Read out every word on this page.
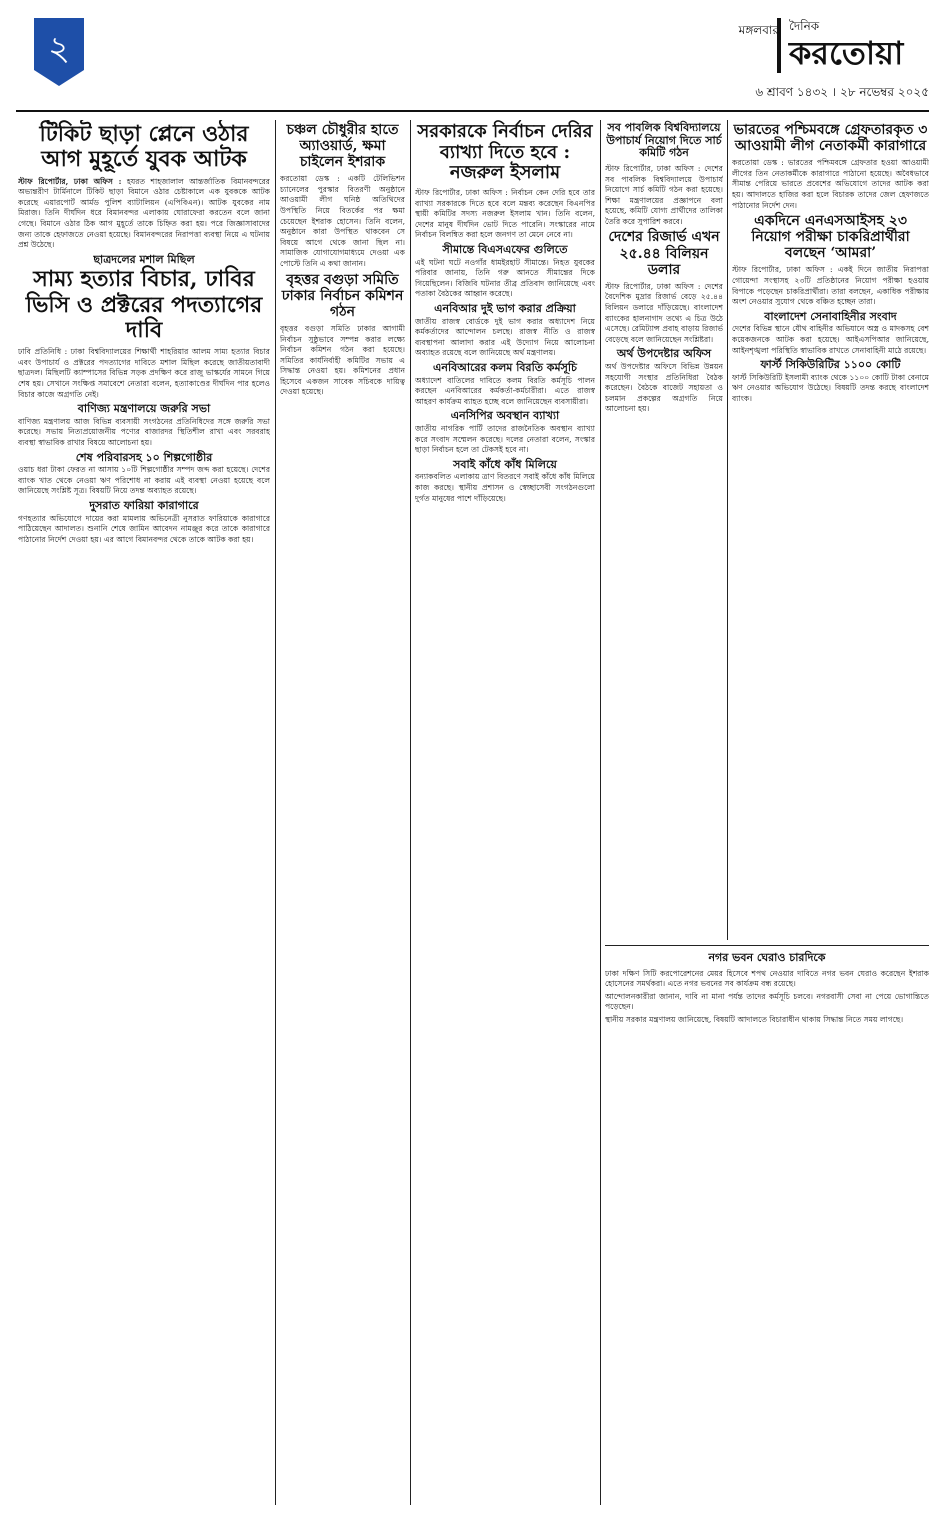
২	মঙ্গলবার দৈনিক
করতোয়া
৬ শ্রাবণ ১৪৩২ । ২৮ নভেম্বর ২০২৫
টিকিট ছাড়া প্লেনে ওঠার আগ মুহূর্তে যুবক আটক

স্টাফ রিপোর্টার, ঢাকা অফিস : হযরত শাহজালাল আন্তর্জাতিক বিমানবন্দরের অভ্যন্তরীণ টার্মিনালে টিকিট ছাড়া বিমানে ওঠার চেষ্টাকালে এক যুবককে আটক করেছে এয়ারপোর্ট আর্মড পুলিশ ব্যাটালিয়ন (এপিবিএন)। আটক যুবকের নাম মিরাজ। তিনি দীর্ঘদিন ধরে বিমানবন্দর এলাকায় ঘোরাফেরা করতেন বলে জানা গেছে। বিমানে ওঠার ঠিক আগ মুহূর্তে তাকে চিহ্নিত করা হয়। পরে জিজ্ঞাসাবাদের জন্য তাকে হেফাজতে নেওয়া হয়েছে। বিমানবন্দরের নিরাপত্তা ব্যবস্থা নিয়ে এ ঘটনায় প্রশ্ন উঠেছে।

ছাত্রদলের মশাল মিছিল
সাম্য হত্যার বিচার, ঢাবির ভিসি ও প্রক্টরের পদত্যাগের দাবি

ঢাবি প্রতিনিধি : ঢাকা বিশ্ববিদ্যালয়ের শিক্ষার্থী শাহরিয়ার আলম সাম্য হত্যার বিচার এবং উপাচার্য ও প্রক্টরের পদত্যাগের দাবিতে মশাল মিছিল করেছে জাতীয়তাবাদী ছাত্রদল। মিছিলটি ক্যাম্পাসের বিভিন্ন সড়ক প্রদক্ষিণ করে রাজু ভাস্কর্যের সামনে গিয়ে শেষ হয়। সেখানে সংক্ষিপ্ত সমাবেশে নেতারা বলেন, হত্যাকাণ্ডের দীর্ঘদিন পার হলেও বিচার কাজে অগ্রগতি নেই।

বাণিজ্য মন্ত্রণালয়ে জরুরি সভা

বাণিজ্য মন্ত্রণালয় আজ বিভিন্ন ব্যবসায়ী সংগঠনের প্রতিনিধিদের সঙ্গে জরুরি সভা করেছে। সভায় নিত্যপ্রয়োজনীয় পণ্যের বাজারদর স্থিতিশীল রাখা এবং সরবরাহ ব্যবস্থা স্বাভাবিক রাখার বিষয়ে আলোচনা হয়।

শেষ পরিবারসহ ১০ শিল্পগোষ্ঠীর

ওয়াচ ধরা টাকা ফেরত না আসায় ১০টি শিল্পগোষ্ঠীর সম্পদ জব্দ করা হয়েছে। দেশের ব্যাংক খাত থেকে নেওয়া ঋণ পরিশোধ না করায় এই ব্যবস্থা নেওয়া হয়েছে বলে জানিয়েছে সংশ্লিষ্ট সূত্র। বিষয়টি নিয়ে তদন্ত অব্যাহত রয়েছে।

দুসরাত ফারিয়া কারাগারে

গণহত্যার অভিযোগে দায়ের করা মামলায় অভিনেত্রী নুসরাত ফারিয়াকে কারাগারে পাঠিয়েছেন আদালত। শুনানি শেষে জামিন আবেদন নামঞ্জুর করে তাকে কারাগারে পাঠানোর নির্দেশ দেওয়া হয়। এর আগে বিমানবন্দর থেকে তাকে আটক করা হয়।

চঞ্চল চৌধুরীর হাতে অ্যাওয়ার্ড, ক্ষমা চাইলেন ইশরাক

করতোয়া ডেস্ক : একটি টেলিভিশন চ্যানেলের পুরস্কার বিতরণী অনুষ্ঠানে আওয়ামী লীগ ঘনিষ্ঠ অতিথিদের উপস্থিতি নিয়ে বিতর্কের পর ক্ষমা চেয়েছেন ইশরাক হোসেন। তিনি বলেন, অনুষ্ঠানে কারা উপস্থিত থাকবেন সে বিষয়ে আগে থেকে জানা ছিল না। সামাজিক যোগাযোগমাধ্যমে দেওয়া এক পোস্টে তিনি এ কথা জানান।

বৃহত্তর বগুড়া সমিতি ঢাকার নির্বাচন কমিশন গঠন

বৃহত্তর বগুড়া সমিতি ঢাকার আগামী নির্বাচন সুষ্ঠুভাবে সম্পন্ন করার লক্ষ্যে নির্বাচন কমিশন গঠন করা হয়েছে। সমিতির কার্যনির্বাহী কমিটির সভায় এ সিদ্ধান্ত নেওয়া হয়। কমিশনের প্রধান হিসেবে একজন সাবেক সচিবকে দায়িত্ব দেওয়া হয়েছে।

সরকারকে নির্বাচন দেরির ব্যাখ্যা দিতে হবে : নজরুল ইসলাম

স্টাফ রিপোর্টার, ঢাকা অফিস : নির্বাচন কেন দেরি হবে তার ব্যাখ্যা সরকারকে দিতে হবে বলে মন্তব্য করেছেন বিএনপির স্থায়ী কমিটির সদস্য নজরুল ইসলাম খান। তিনি বলেন, দেশের মানুষ দীর্ঘদিন ভোট দিতে পারেনি। সংস্কারের নামে নির্বাচন বিলম্বিত করা হলে জনগণ তা মেনে নেবে না।

সীমান্তে বিএসএফের গুলিতে

এই ঘটনা ঘটে নওগাঁর ধামইরহাট সীমান্তে। নিহত যুবকের পরিবার জানায়, তিনি গরু আনতে সীমান্তের দিকে গিয়েছিলেন। বিজিবি ঘটনার তীব্র প্রতিবাদ জানিয়েছে এবং পতাকা বৈঠকের আহ্বান করেছে।

এনবিআর দুই ভাগ করার প্রক্রিয়া

জাতীয় রাজস্ব বোর্ডকে দুই ভাগ করার অধ্যাদেশ নিয়ে কর্মকর্তাদের আন্দোলন চলছে। রাজস্ব নীতি ও রাজস্ব ব্যবস্থাপনা আলাদা করার এই উদ্যোগ নিয়ে আলোচনা অব্যাহত রয়েছে বলে জানিয়েছে অর্থ মন্ত্রণালয়।

এনবিআরের কলম বিরতি কর্মসূচি

অধ্যাদেশ বাতিলের দাবিতে কলম বিরতি কর্মসূচি পালন করছেন এনবিআরের কর্মকর্তা-কর্মচারীরা। এতে রাজস্ব আহরণ কার্যক্রম ব্যাহত হচ্ছে বলে জানিয়েছেন ব্যবসায়ীরা।

এনসিপির অবস্থান ব্যাখ্যা

জাতীয় নাগরিক পার্টি তাদের রাজনৈতিক অবস্থান ব্যাখ্যা করে সংবাদ সম্মেলন করেছে। দলের নেতারা বলেন, সংস্কার ছাড়া নির্বাচন হলে তা টেকসই হবে না।

সবাই কাঁধে কাঁধ মিলিয়ে

বন্যাকবলিত এলাকায় ত্রাণ বিতরণে সবাই কাঁধে কাঁধ মিলিয়ে কাজ করছে। স্থানীয় প্রশাসন ও স্বেচ্ছাসেবী সংগঠনগুলো দুর্গত মানুষের পাশে দাঁড়িয়েছে।

সব পাবলিক বিশ্ববিদ্যালয়ে উপাচার্য নিয়োগ দিতে সার্চ কমিটি গঠন

স্টাফ রিপোর্টার, ঢাকা অফিস : দেশের সব পাবলিক বিশ্ববিদ্যালয়ে উপাচার্য নিয়োগে সার্চ কমিটি গঠন করা হয়েছে। শিক্ষা মন্ত্রণালয়ের প্রজ্ঞাপনে বলা হয়েছে, কমিটি যোগ্য প্রার্থীদের তালিকা তৈরি করে সুপারিশ করবে।

দেশের রিজার্ভ এখন ২৫.৪৪ বিলিয়ন ডলার

স্টাফ রিপোর্টার, ঢাকা অফিস : দেশের বৈদেশিক মুদ্রার রিজার্ভ বেড়ে ২৫.৪৪ বিলিয়ন ডলারে দাঁড়িয়েছে। বাংলাদেশ ব্যাংকের হালনাগাদ তথ্যে এ চিত্র উঠে এসেছে। রেমিট্যান্স প্রবাহ বাড়ায় রিজার্ভ বেড়েছে বলে জানিয়েছেন সংশ্লিষ্টরা।

অর্থ উপদেষ্টার অফিস

অর্থ উপদেষ্টার অফিসে বিভিন্ন উন্নয়ন সহযোগী সংস্থার প্রতিনিধিরা বৈঠক করেছেন। বৈঠকে বাজেট সহায়তা ও চলমান প্রকল্পের অগ্রগতি নিয়ে আলোচনা হয়।

ভারতের পশ্চিমবঙ্গে গ্রেফতারকৃত ৩ আওয়ামী লীগ নেতাকর্মী কারাগারে

করতোয়া ডেস্ক : ভারতের পশ্চিমবঙ্গে গ্রেফতার হওয়া আওয়ামী লীগের তিন নেতাকর্মীকে কারাগারে পাঠানো হয়েছে। অবৈধভাবে সীমান্ত পেরিয়ে ভারতে প্রবেশের অভিযোগে তাদের আটক করা হয়। আদালতে হাজির করা হলে বিচারক তাদের জেল হেফাজতে পাঠানোর নির্দেশ দেন।

একদিনে এনএসআইসহ ২৩ নিয়োগ পরীক্ষা চাকরিপ্রার্থীরা বলছেন ‘আমরা’

স্টাফ রিপোর্টার, ঢাকা অফিস : একই দিনে জাতীয় নিরাপত্তা গোয়েন্দা সংস্থাসহ ২৩টি প্রতিষ্ঠানের নিয়োগ পরীক্ষা হওয়ায় বিপাকে পড়েছেন চাকরিপ্রার্থীরা। তারা বলছেন, একাধিক পরীক্ষায় অংশ নেওয়ার সুযোগ থেকে বঞ্চিত হচ্ছেন তারা।

বাংলাদেশ সেনাবাহিনীর সংবাদ

দেশের বিভিন্ন স্থানে যৌথ বাহিনীর অভিযানে অস্ত্র ও মাদকসহ বেশ কয়েকজনকে আটক করা হয়েছে। আইএসপিআর জানিয়েছে, আইনশৃঙ্খলা পরিস্থিতি স্বাভাবিক রাখতে সেনাবাহিনী মাঠে রয়েছে।

ফার্স্ট সিকিউরিটির ১১০০ কোটি

ফার্স্ট সিকিউরিটি ইসলামী ব্যাংক থেকে ১১০০ কোটি টাকা বেনামে ঋণ নেওয়ার অভিযোগ উঠেছে। বিষয়টি তদন্ত করছে বাংলাদেশ ব্যাংক।

নগর ভবন ঘেরাও চারদিকে

ঢাকা দক্ষিণ সিটি করপোরেশনের মেয়র হিসেবে শপথ নেওয়ার দাবিতে নগর ভবন ঘেরাও করেছেন ইশরাক হোসেনের সমর্থকরা। এতে নগর ভবনের সব কার্যক্রম বন্ধ রয়েছে।

আন্দোলনকারীরা জানান, দাবি না মানা পর্যন্ত তাদের কর্মসূচি চলবে। নগরবাসী সেবা না পেয়ে ভোগান্তিতে পড়েছেন।

স্থানীয় সরকার মন্ত্রণালয় জানিয়েছে, বিষয়টি আদালতে বিচারাধীন থাকায় সিদ্ধান্ত নিতে সময় লাগছে।
